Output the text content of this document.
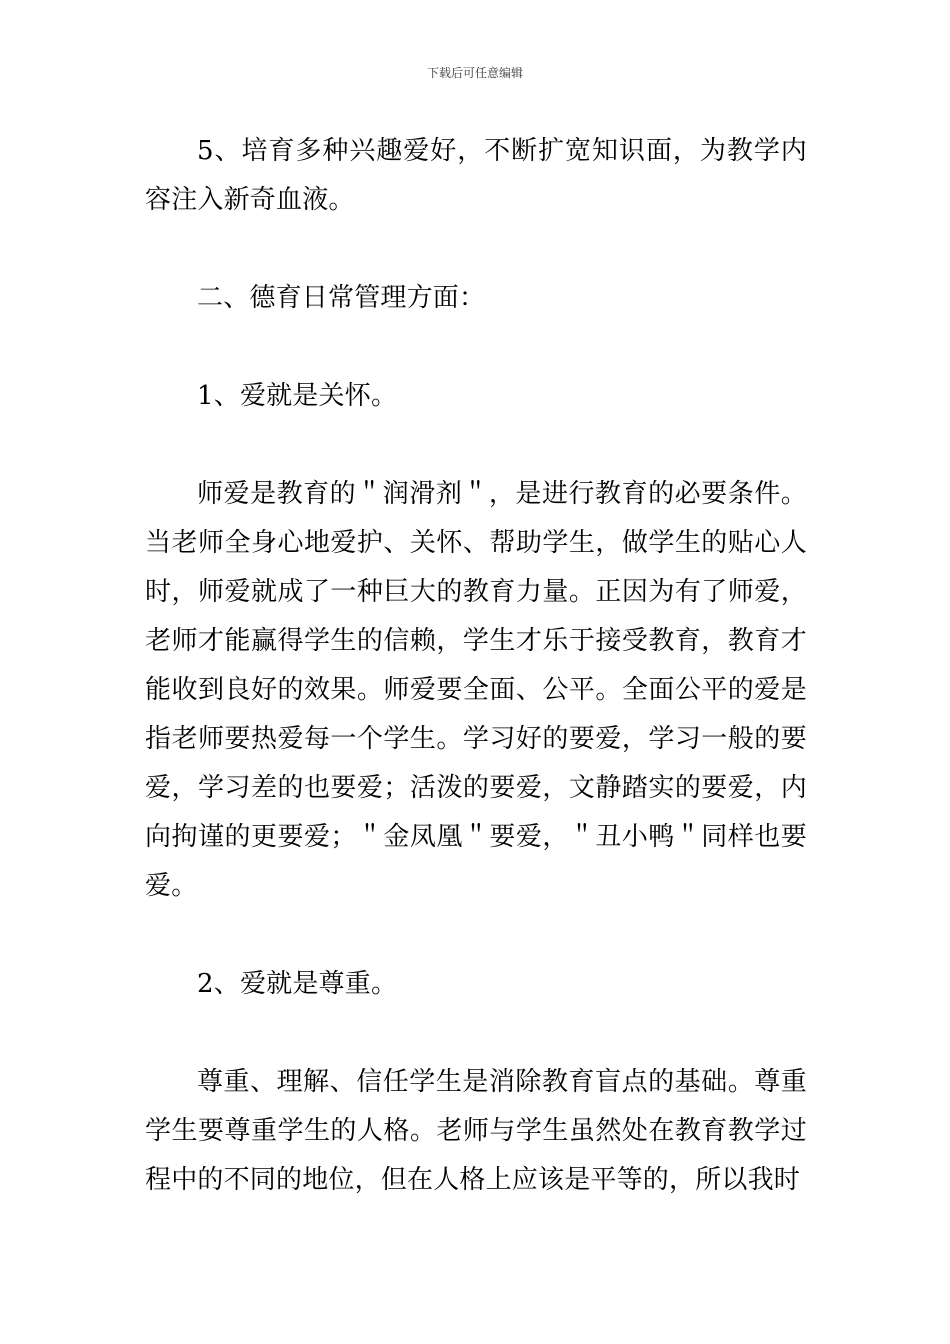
下载后可任意编辑

5、培育多种兴趣爱好，不断扩宽知识面，为教学内容注入新奇血液。

二、德育日常管理方面：

1、爱就是关怀。

师爱是教育的＂润滑剂＂，是进行教育的必要条件。当老师全身心地爱护、关怀、帮助学生，做学生的贴心人时，师爱就成了一种巨大的教育力量。正因为有了师爱，老师才能赢得学生的信赖，学生才乐于接受教育，教育才能收到良好的效果。师爱要全面、公平。全面公平的爱是指老师要热爱每一个学生。学习好的要爱，学习一般的要爱，学习差的也要爱；活泼的要爱，文静踏实的要爱，内向拘谨的更要爱；＂金凤凰＂要爱，＂丑小鸭＂同样也要爱。

2、爱就是尊重。

尊重、理解、信任学生是消除教育盲点的基础。尊重学生要尊重学生的人格。老师与学生虽然处在教育教学过程中的不同的地位，但在人格上应该是平等的，所以我时
